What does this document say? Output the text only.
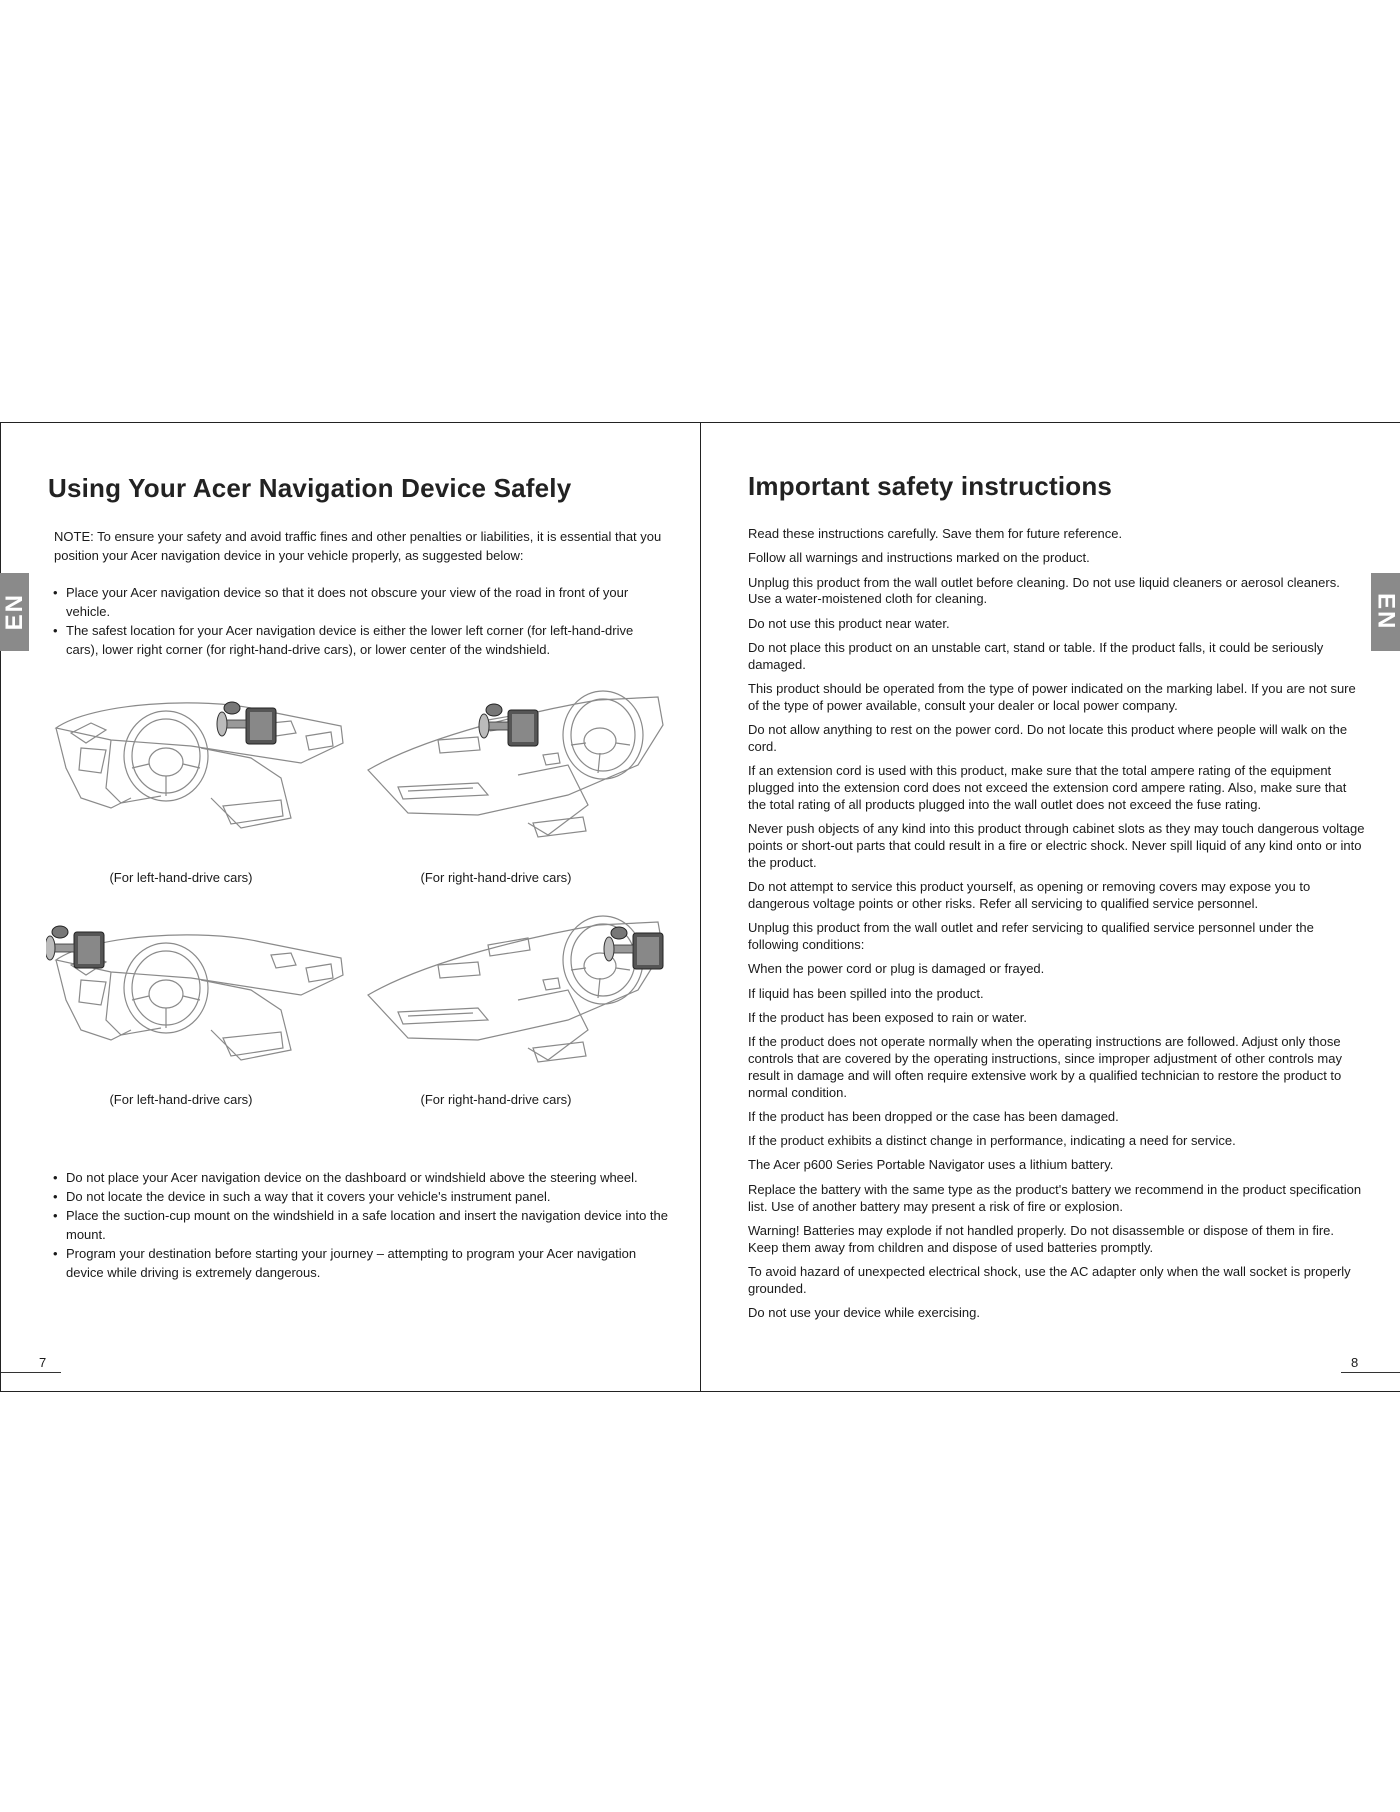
Using Your Acer Navigation Device Safely

NOTE: To ensure your safety and avoid traffic fines and other penalties or liabilities, it is essential that you position your Acer navigation device in your vehicle properly, as suggested below:

• Place your Acer navigation device so that it does not obscure your view of the road in front of your vehicle.
• The safest location for your Acer navigation device is either the lower left corner (for left-hand-drive cars), lower right corner (for right-hand-drive cars), or lower center of the windshield.
(For left-hand-drive cars)	(For right-hand-drive cars)
(For left-hand-drive cars)	(For right-hand-drive cars)
• Do not place your Acer navigation device on the dashboard or windshield above the steering wheel.
• Do not locate the device in such a way that it covers your vehicle's instrument panel.
• Place the suction-cup mount on the windshield in a safe location and insert the navigation device into the mount.
• Program your destination before starting your journey – attempting to program your Acer navigation device while driving is extremely dangerous.
7
Important safety instructions

Read these instructions carefully. Save them for future reference.

Follow all warnings and instructions marked on the product.

Unplug this product from the wall outlet before cleaning. Do not use liquid cleaners or aerosol cleaners. Use a water-moistened cloth for cleaning.

Do not use this product near water.

Do not place this product on an unstable cart, stand or table. If the product falls, it could be seriously damaged.

This product should be operated from the type of power indicated on the marking label. If you are not sure of the type of power available, consult your dealer or local power company.

Do not allow anything to rest on the power cord. Do not locate this product where people will walk on the cord.

If an extension cord is used with this product, make sure that the total ampere rating of the equipment plugged into the extension cord does not exceed the extension cord ampere rating. Also, make sure that the total rating of all products plugged into the wall outlet does not exceed the fuse rating.

Never push objects of any kind into this product through cabinet slots as they may touch dangerous voltage points or short-out parts that could result in a fire or electric shock. Never spill liquid of any kind onto or into the product.

Do not attempt to service this product yourself, as opening or removing covers may expose you to dangerous voltage points or other risks. Refer all servicing to qualified service personnel.

Unplug this product from the wall outlet and refer servicing to qualified service personnel under the following conditions:

When the power cord or plug is damaged or frayed.

If liquid has been spilled into the product.

If the product has been exposed to rain or water.

If the product does not operate normally when the operating instructions are followed. Adjust only those controls that are covered by the operating instructions, since improper adjustment of other controls may result in damage and will often require extensive work by a qualified technician to restore the product to normal condition.

If the product has been dropped or the case has been damaged.

If the product exhibits a distinct change in performance, indicating a need for service.

The Acer p600 Series Portable Navigator uses a lithium battery.

Replace the battery with the same type as the product's battery we recommend in the product specification list. Use of another battery may present a risk of fire or explosion.

Warning! Batteries may explode if not handled properly. Do not disassemble or dispose of them in fire. Keep them away from children and dispose of used batteries promptly.

To avoid hazard of unexpected electrical shock, use the AC adapter only when the wall socket is properly grounded.

Do not use your device while exercising.

8
EN	EN
